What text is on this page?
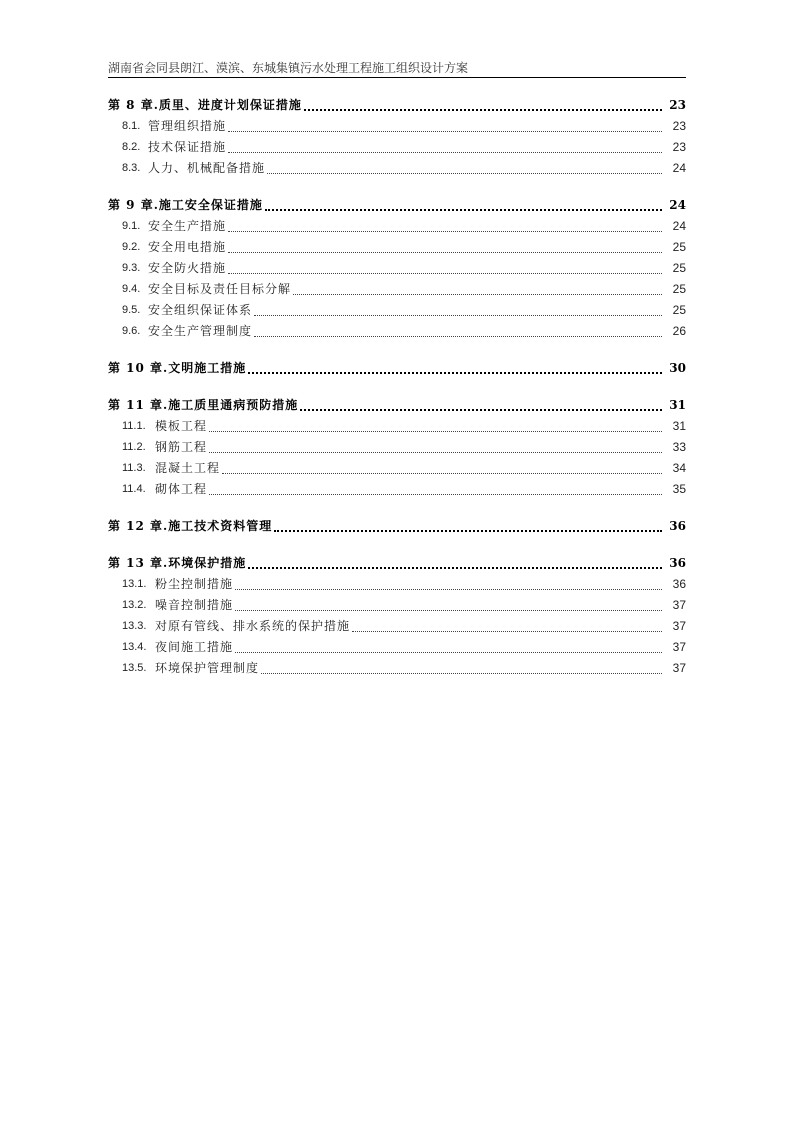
湖南省会同县朗江、漠滨、东城集镇污水处理工程施工组织设计方案
第 8 章.质里、进度计划保证措施	23
8.1. 管理组织措施	23
8.2. 技术保证措施	23
8.3. 人力、机械配备措施	24
第 9 章.施工安全保证措施	24
9.1. 安全生产措施	24
9.2. 安全用电措施	25
9.3. 安全防火措施	25
9.4. 安全目标及责任目标分解	25
9.5. 安全组织保证体系	25
9.6. 安全生产管理制度	26
第 10 章.文明施工措施	30
第 11 章.施工质里通病预防措施	31
11.1. 模板工程	31
11.2. 钢筋工程	33
11.3. 混凝土工程	34
11.4. 砌体工程	35
第 12 章.施工技术资料管理	36
第 13 章.环境保护措施	36
13.1. 粉尘控制措施	36
13.2. 噪音控制措施	37
13.3. 对原有管线、排水系统的保护措施	37
13.4. 夜间施工措施	37
13.5. 环境保护管理制度	37
